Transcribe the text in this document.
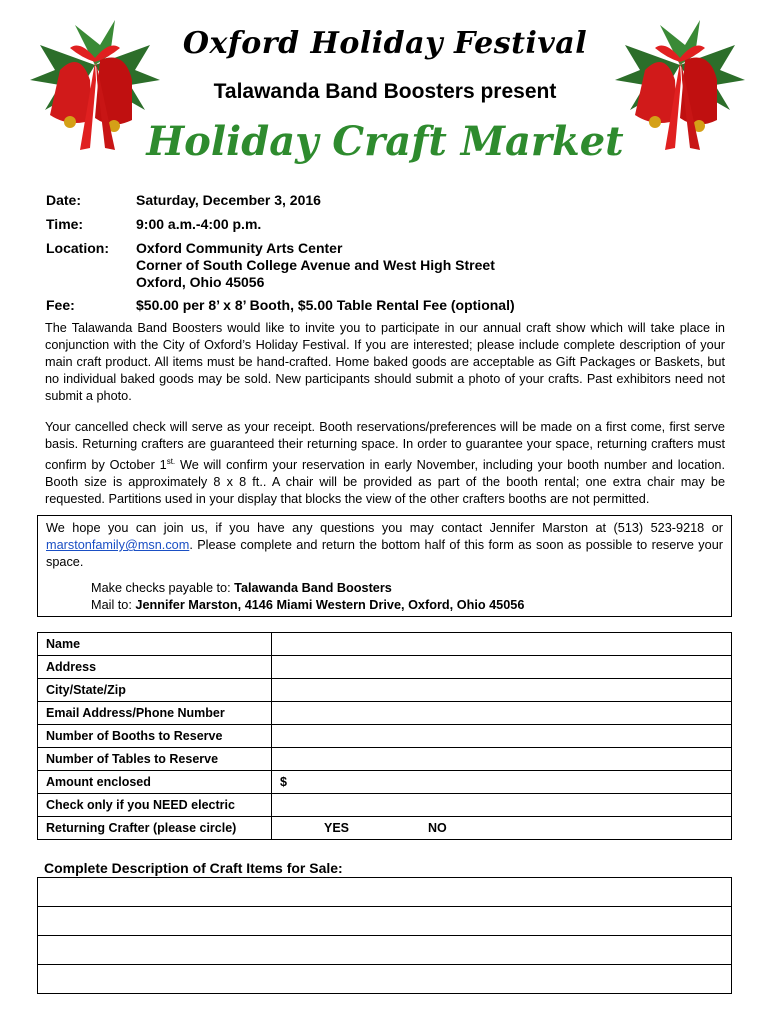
Oxford Holiday Festival
Talawanda Band Boosters present
Holiday Craft Market
Date:	Saturday, December 3, 2016
Time:	9:00 a.m.-4:00 p.m.
Location: Oxford Community Arts Center
Corner of South College Avenue and West High Street
Oxford, Ohio 45056
Fee:	$50.00 per 8’ x 8’ Booth, $5.00 Table Rental Fee (optional)
The Talawanda Band Boosters would like to invite you to participate in our annual craft show which will take place in conjunction with the City of Oxford’s Holiday Festival. If you are interested; please include complete description of your main craft product. All items must be hand-crafted. Home baked goods are acceptable as Gift Packages or Baskets, but no individual baked goods may be sold. New participants should submit a photo of your crafts. Past exhibitors need not submit a photo.
Your cancelled check will serve as your receipt. Booth reservations/preferences will be made on a first come, first serve basis. Returning crafters are guaranteed their returning space. In order to guarantee your space, returning crafters must confirm by October $1^{st.}$ We will confirm your reservation in early November, including your booth number and location. Booth size is approximately 8 x 8 ft.. A chair will be provided as part of the booth rental; one extra chair may be requested. Partitions used in your display that blocks the view of the other crafters booths are not permitted.
We hope you can join us, if you have any questions you may contact Jennifer Marston at (513) 523-9218 or marstonfamily@msn.com. Please complete and return the bottom half of this form as soon as possible to reserve your space.
Make checks payable to: Talawanda Band Boosters
Mail to: Jennifer Marston, 4146 Miami Western Drive, Oxford, Ohio 45056
Name	
Address	
City/State/Zip	
Email Address/Phone Number	
Number of Booths to Reserve	
Number of Tables to Reserve	
Amount enclosed	$
Check only if you NEED electric	
Returning Crafter (please circle)	YES NO
Complete Description of Craft Items for Sale:
